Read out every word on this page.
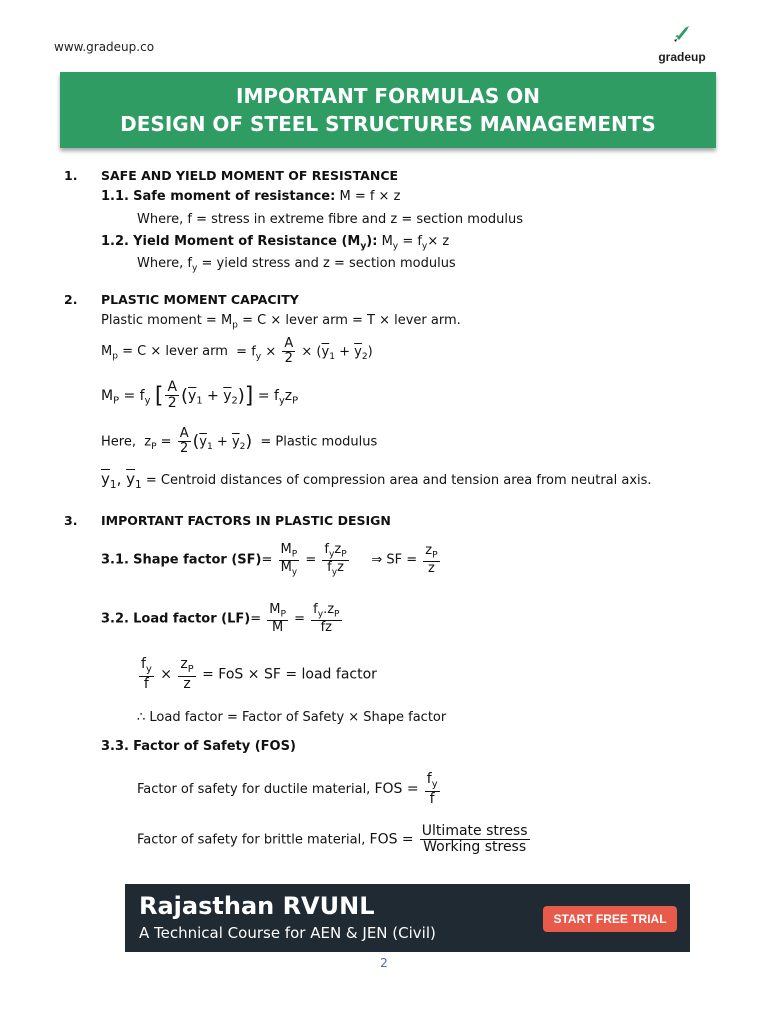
www.gradeup.co
gradeup
IMPORTANT FORMULAS ON
DESIGN OF STEEL STRUCTURES MANAGEMENTS
1. SAFE AND YIELD MOMENT OF RESISTANCE
1.1. Safe moment of resistance: M = f × z
Where, f = stress in extreme fibre and z = section modulus
1.2. Yield Moment of Resistance $(M_y)$: $M_y = f_y\times z$
Where, $f_y$ = yield stress and z = section modulus
2. PLASTIC MOMENT CAPACITY
Plastic moment = $M_p = C$ × lever arm = T × lever arm.
$M_p = C$ × lever arm  = $f_y \times \frac{A}{2} \times (\overline{y}_1 + \overline{y}_2)$
$M_P = f_y$ [ $\frac{A}{2} (\overline{y}_1 + \overline{y}_2)] = f_yz_P$
Here,  $z_P = \frac{A}{2} (\overline{y}_1 + \overline{y}_2)$ = Plastic modulus
$\overline{y}_1$, $\overline{y}_1$ = Centroid distances of compression area and tension area from neutral axis.
3. IMPORTANT FACTORS IN PLASTIC DESIGN
3.1. Shape factor $(SF)= \frac{M_P}{M_y} = \frac{f_yz_P}{f_yz}$ ⇒ SF = $\frac{z_P}{z}$
3.2. Load factor $(LF)= \frac{M_P}{M} = \frac{f_y.z_P}{fz}$
$\frac{f_y}{f} \times \frac{z_P}{z}$ = FoS × SF = load factor
∴ Load factor = Factor of Safety × Shape factor
3.3. Factor of Safety (FOS)
Factor of safety for ductile material, FOS = $\frac{f_y}{f}$
Factor of safety for brittle material, FOS = $\frac{\text{Ultimate stress}}{\text{Working stress}}$
Rajasthan RVUNL
A Technical Course for AEN & JEN (Civil)
START FREE TRIAL
2
